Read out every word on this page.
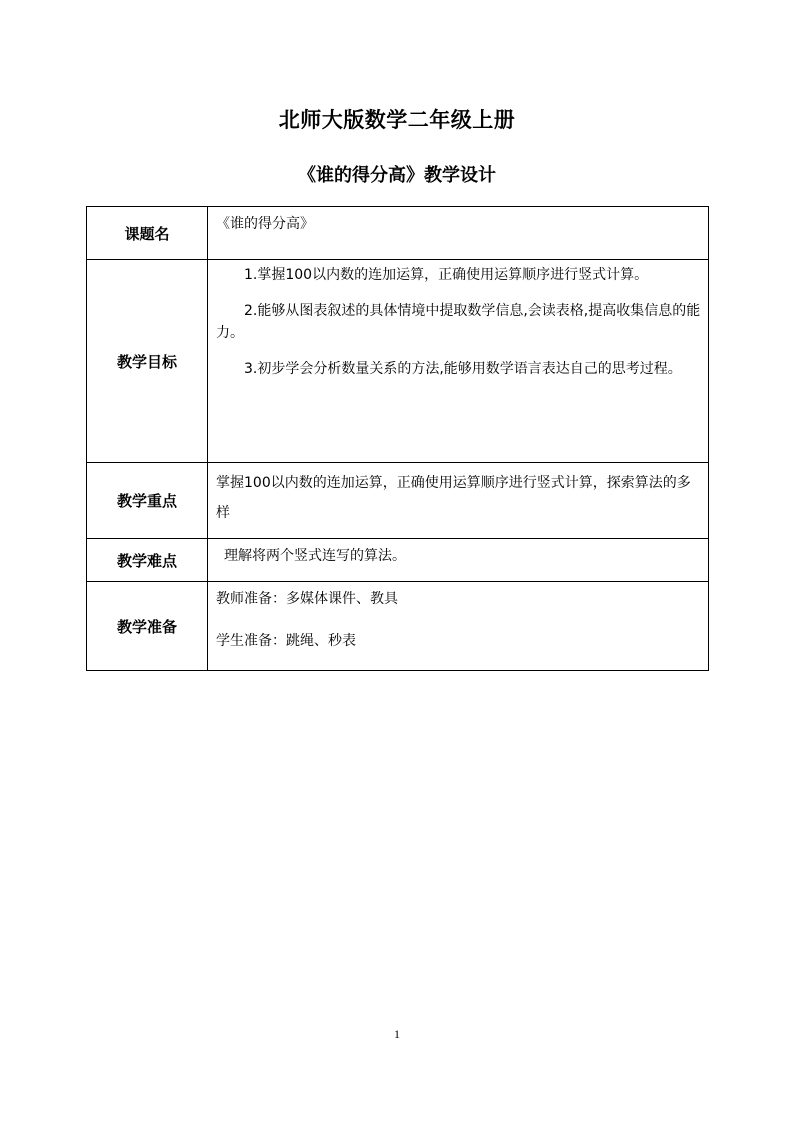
北师大版数学二年级上册
《谁的得分高》教学设计
课题名	《谁的得分高》
教学目标	1.掌握100以内数的连加运算，正确使用运算顺序进行竖式计算。

2.能够从图表叙述的具体情境中提取数学信息,会读表格,提高收集信息的能力。

3.初步学会分析数量关系的方法,能够用数学语言表达自己的思考过程。

教学重点	掌握100以内数的连加运算，正确使用运算顺序进行竖式计算，探索算法的多样

教学难点	理解将两个竖式连写的算法。

教学准备	教师准备：多媒体课件、教具
学生准备：跳绳、秒表
1
